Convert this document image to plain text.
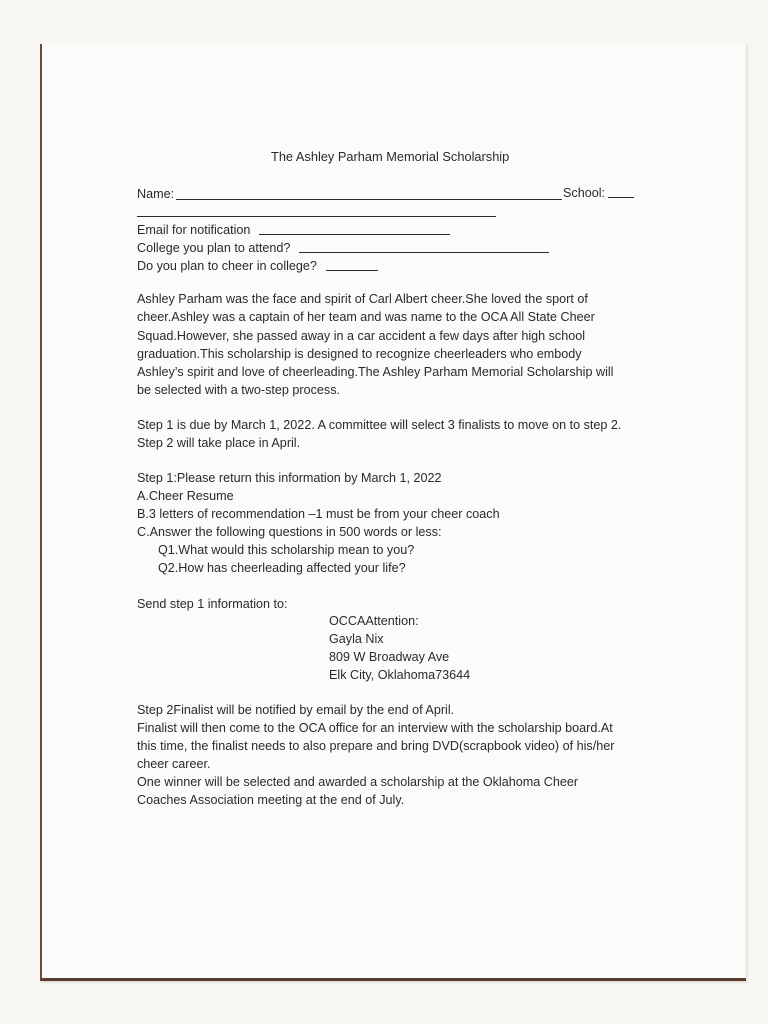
The Ashley Parham Memorial Scholarship
Name:	School:
Email for notification
College you plan to attend?
Do you plan to cheer in college?
Ashley Parham was the face and spirit of Carl Albert cheer.She loved the sport of
cheer.Ashley was a captain of her team and was name to the OCA All State Cheer
Squad.However, she passed away in a car accident a few days after high school
graduation.This scholarship is designed to recognize cheerleaders who embody
Ashley’s spirit and love of cheerleading.The Ashley Parham Memorial Scholarship will
be selected with a two-step process.
Step 1 is due by March 1, 2022. A committee will select 3 finalists to move on to step 2.
Step 2 will take place in April.
Step 1:Please return this information by March 1, 2022
A.Cheer Resume
B.3 letters of recommendation –1 must be from your cheer coach
C.Answer the following questions in 500 words or less:
Q1.What would this scholarship mean to you?
Q2.How has cheerleading affected your life?
Send step 1 information to:
OCCAAttention:
Gayla Nix
809 W Broadway Ave
Elk City, Oklahoma73644
Step 2Finalist will be notified by email by the end of April.
Finalist will then come to the OCA office for an interview with the scholarship board.At
this time, the finalist needs to also prepare and bring DVD(scrapbook video) of his/her
cheer career.
One winner will be selected and awarded a scholarship at the Oklahoma Cheer
Coaches Association meeting at the end of July.
